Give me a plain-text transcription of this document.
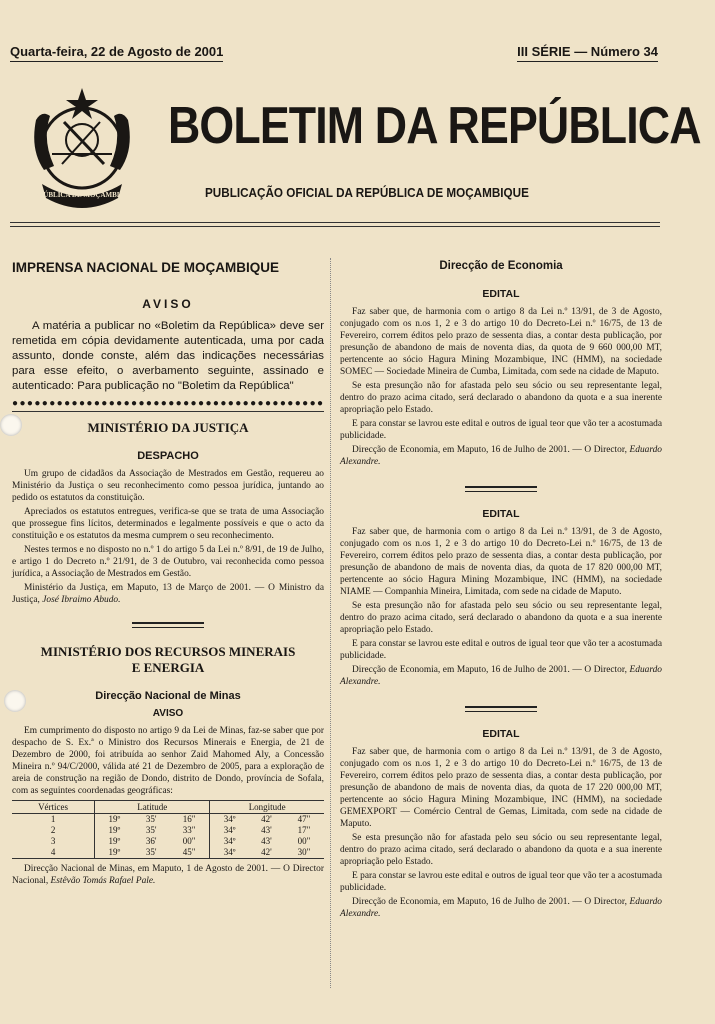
Quarta-feira, 22 de Agosto de 2001	III SÉRIE — Número 34
REPÚBLICA DE MOÇAMBIQUE
BOLETIM DA REPÚBLICA
PUBLICAÇÃO OFICIAL DA REPÚBLICA DE MOÇAMBIQUE

IMPRENSA NACIONAL DE MOÇAMBIQUE

AVISO

A matéria a publicar no «Boletim da República» deve ser remetida em cópia devidamente autenticada, uma por cada assunto, donde conste, além das indicações necessárias para esse efeito, o averbamento seguinte, assinado e autenticado: Para publicação no "Boletim da República"

●●●●●●●●●●●●●●●●●●●●●●●●●●●●●●●●●●●●●●●●●●

MINISTÉRIO DA JUSTIÇA

DESPACHO

Um grupo de cidadãos da Associação de Mestrados em Gestão, requereu ao Ministério da Justiça o seu reconhecimento como pessoa jurídica, juntando ao pedido os estatutos da constituição.

Apreciados os estatutos entregues, verifica-se que se trata de uma Associação que prossegue fins lícitos, determinados e legalmente possíveis e que o acto da constituição e os estatutos da mesma cumprem o seu reconhecimento.

Nestes termos e no disposto no n.º 1 do artigo 5 da Lei n.º 8/91, de 19 de Julho, e artigo 1 do Decreto n.º 21/91, de 3 de Outubro, vai reconhecida como pessoa jurídica, a Associação de Mestrados em Gestão.

Ministério da Justiça, em Maputo, 13 de Março de 2001. — O Ministro da Justiça, José Ibraimo Abudo.

MINISTÉRIO DOS RECURSOS MINERAIS
E ENERGIA

Direcção Nacional de Minas

AVISO

Em cumprimento do disposto no artigo 9 da Lei de Minas, faz-se saber que por despacho de S. Ex.ª o Ministro dos Recursos Minerais e Energia, de 21 de Dezembro de 2000, foi atribuída ao senhor Zaid Mahomed Aly, a Concessão Mineira n.º 94/C/2000, válida até 21 de Dezembro de 2005, para a exploração de areia de construção na região de Dondo, distrito de Dondo, província de Sofala, com as seguintes coordenadas geográficas:

Vértices	Latitude			Longitude		
1	19º	35'	16"	34º	42'	47"
2	19º	35'	33"	34º	43'	17"
3	19º	36'	00"	34º	43'	00"
4	19º	35'	45"	34º	42'	30"

Direcção Nacional de Minas, em Maputo, 1 de Agosto de 2001. — O Director Nacional, Estêvão Tomás Rafael Pale.

Direcção de Economia

EDITAL

Faz saber que, de harmonia com o artigo 8 da Lei n.º 13/91, de 3 de Agosto, conjugado com os n.os 1, 2 e 3 do artigo 10 do Decreto-Lei n.º 16/75, de 13 de Fevereiro, correm éditos pelo prazo de sessenta dias, a contar desta publicação, por presunção de abandono de mais de noventa dias, da quota de 9 660 000,00 MT, pertencente ao sócio Hagura Mining Mozambique, INC (HMM), na sociedade SOMEC — Sociedade Mineira de Cumba, Limitada, com sede na cidade de Maputo.

Se esta presunção não for afastada pelo seu sócio ou seu representante legal, dentro do prazo acima citado, será declarado o abandono da quota e a sua inerente apropriação pelo Estado.

E para constar se lavrou este edital e outros de igual teor que vão ter a acostumada publicidade.

Direcção de Economia, em Maputo, 16 de Julho de 2001. — O Director, Eduardo Alexandre.

EDITAL

Faz saber que, de harmonia com o artigo 8 da Lei n.º 13/91, de 3 de Agosto, conjugado com os n.os 1, 2 e 3 do artigo 10 do Decreto-Lei n.º 16/75, de 13 de Fevereiro, correm éditos pelo prazo de sessenta dias, a contar desta publicação, por presunção de abandono de mais de noventa dias, da quota de 17 820 000,00 MT, pertencente ao sócio Hagura Mining Mozambique, INC (HMM), na sociedade NIAME — Companhia Mineira, Limitada, com sede na cidade de Maputo.

Se esta presunção não for afastada pelo seu sócio ou seu representante legal, dentro do prazo acima citado, será declarado o abandono da quota e a sua inerente apropriação pelo Estado.

E para constar se lavrou este edital e outros de igual teor que vão ter a acostumada publicidade.

Direcção de Economia, em Maputo, 16 de Julho de 2001. — O Director, Eduardo Alexandre.

EDITAL

Faz saber que, de harmonia com o artigo 8 da Lei n.º 13/91, de 3 de Agosto, conjugado com os n.os 1, 2 e 3 do artigo 10 do Decreto-Lei n.º 16/75, de 13 de Fevereiro, correm éditos pelo prazo de sessenta dias, a contar desta publicação, por presunção de abandono de mais de noventa dias, da quota de 17 220 000,00 MT, pertencente ao sócio Hagura Mining Mozambique, INC (HMM), na sociedade GEMEXPORT — Comércio Central de Gemas, Limitada, com sede na cidade de Maputo.

Se esta presunção não for afastada pelo seu sócio ou seu representante legal, dentro do prazo acima citado, será declarado o abandono da quota e a sua inerente apropriação pelo Estado.

E para constar se lavrou este edital e outros de igual teor que vão ter a acostumada publicidade.

Direcção de Economia, em Maputo, 16 de Julho de 2001. — O Director, Eduardo Alexandre.
